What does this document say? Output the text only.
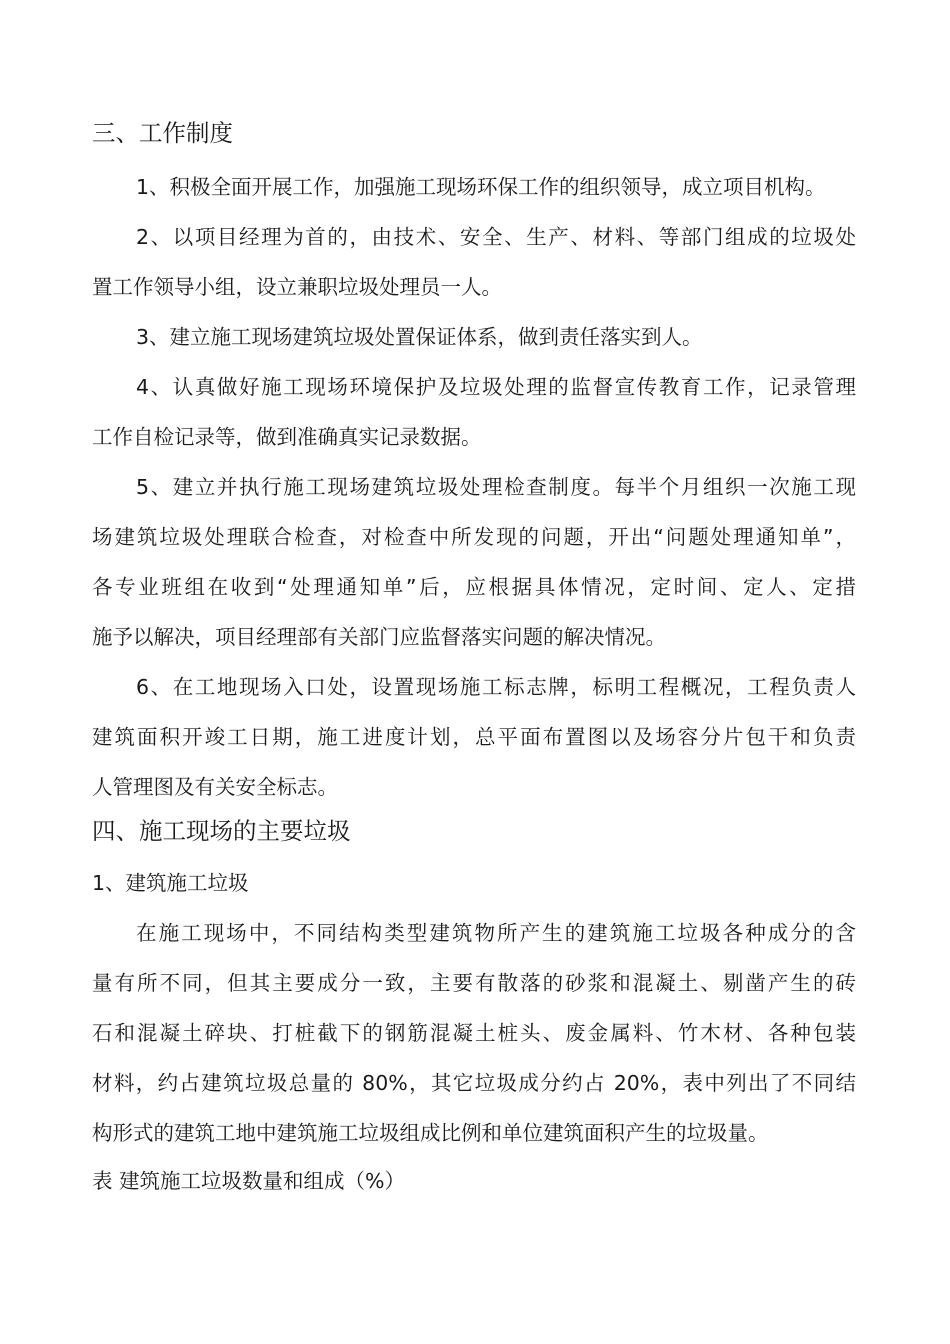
三、工作制度
1、积极全面开展工作，加强施工现场环保工作的组织领导，成立项目机构。
2、以项目经理为首的，由技术、安全、生产、材料、等部门组成的垃圾处
置工作领导小组，设立兼职垃圾处理员一人。
3、建立施工现场建筑垃圾处置保证体系，做到责任落实到人。
4、认真做好施工现场环境保护及垃圾处理的监督宣传教育工作，记录管理
工作自检记录等，做到准确真实记录数据。
5、建立并执行施工现场建筑垃圾处理检查制度。每半个月组织一次施工现
场建筑垃圾处理联合检查，对检查中所发现的问题，开出“问题处理通知单”，
各专业班组在收到“处理通知单”后，应根据具体情况，定时间、定人、定措
施予以解决，项目经理部有关部门应监督落实问题的解决情况。
6、在工地现场入口处，设置现场施工标志牌，标明工程概况，工程负责人
建筑面积开竣工日期，施工进度计划，总平面布置图以及场容分片包干和负责
人管理图及有关安全标志。
四、施工现场的主要垃圾
1、建筑施工垃圾
在施工现场中，不同结构类型建筑物所产生的建筑施工垃圾各种成分的含
量有所不同，但其主要成分一致，主要有散落的砂浆和混凝土、剔凿产生的砖
石和混凝土碎块、打桩截下的钢筋混凝土桩头、废金属料、竹木材、各种包装
材料，约占建筑垃圾总量的 80%，其它垃圾成分约占 20%，表中列出了不同结
构形式的建筑工地中建筑施工垃圾组成比例和单位建筑面积产生的垃圾量。
表 建筑施工垃圾数量和组成（%）
